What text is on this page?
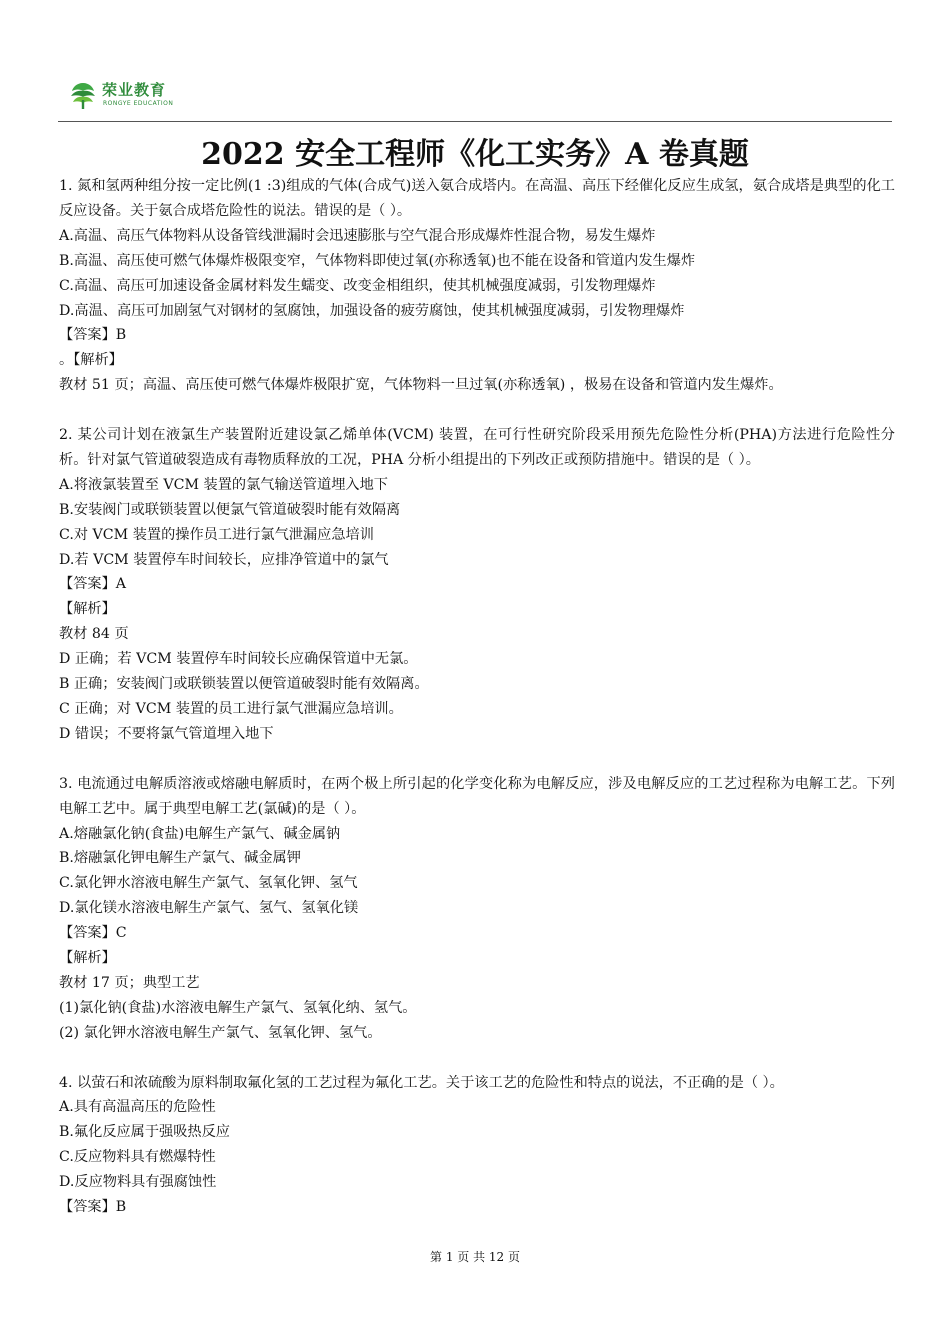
荣业教育
RONGYE EDUCATION
2022 安全工程师《化工实务》A 卷真题

1. 氮和氢两种组分按一定比例(1 :3)组成的气体(合成气)送入氨合成塔内。在高温、高压下经催化反应生成氢，氨合成塔是典型的化工反应设备。关于氨合成塔危险性的说法。错误的是（ ）。

A.高温、高压气体物料从设备管线泄漏时会迅速膨胀与空气混合形成爆炸性混合物，易发生爆炸

B.高温、高压使可燃气体爆炸极限变窄，气体物料即使过氧(亦称透氧)也不能在设备和管道内发生爆炸

C.高温、高压可加速设备金属材料发生蠕变、改变金相组织，使其机械强度减弱，引发物理爆炸

D.高温、高压可加剧氢气对钢材的氢腐蚀，加强设备的疲劳腐蚀，使其机械强度减弱，引发物理爆炸

【答案】B

。【解析】

教材 51 页；高温、高压使可燃气体爆炸极限扩宽，气体物料一旦过氧(亦称透氧) ，极易在设备和管道内发生爆炸。

2. 某公司计划在液氯生产装置附近建设氯乙烯单体(VCM) 装置，在可行性研究阶段采用预先危险性分析(PHA)方法进行危险性分析。针对氯气管道破裂造成有毒物质释放的工况，PHA 分析小组提出的下列改正或预防措施中。错误的是（ ）。

A.将液氯装置至 VCM 装置的氯气输送管道埋入地下

B.安装阀门或联锁装置以便氯气管道破裂时能有效隔离

C.对 VCM 装置的操作员工进行氯气泄漏应急培训

D.若 VCM 装置停车时间较长，应排净管道中的氯气

【答案】A

【解析】

教材 84 页

D 正确；若 VCM 装置停车时间较长应确保管道中无氯。

B 正确；安装阀门或联锁装置以便管道破裂时能有效隔离。

C 正确；对 VCM 装置的员工进行氯气泄漏应急培训。

D 错误；不要将氯气管道埋入地下

3. 电流通过电解质溶液或熔融电解质时，在两个极上所引起的化学变化称为电解反应，涉及电解反应的工艺过程称为电解工艺。下列电解工艺中。属于典型电解工艺(氯碱)的是（ ）。

A.熔融氯化钠(食盐)电解生产氯气、碱金属钠

B.熔融氯化钾电解生产氯气、碱金属钾

C.氯化钾水溶液电解生产氯气、氢氧化钾、氢气

D.氯化镁水溶液电解生产氯气、氢气、氢氧化镁

【答案】C

【解析】

教材 17 页；典型工艺

(1)氯化钠(食盐)水溶液电解生产氯气、氢氧化纳、氢气。

(2) 氯化钾水溶液电解生产氯气、氢氧化钾、氢气。

4. 以萤石和浓硫酸为原料制取氟化氢的工艺过程为氟化工艺。关于该工艺的危险性和特点的说法，不正确的是（ ）。

A.具有高温高压的危险性

B.氟化反应属于强吸热反应

C.反应物料具有燃爆特性

D.反应物料具有强腐蚀性

【答案】B

第 1 页 共 12 页
